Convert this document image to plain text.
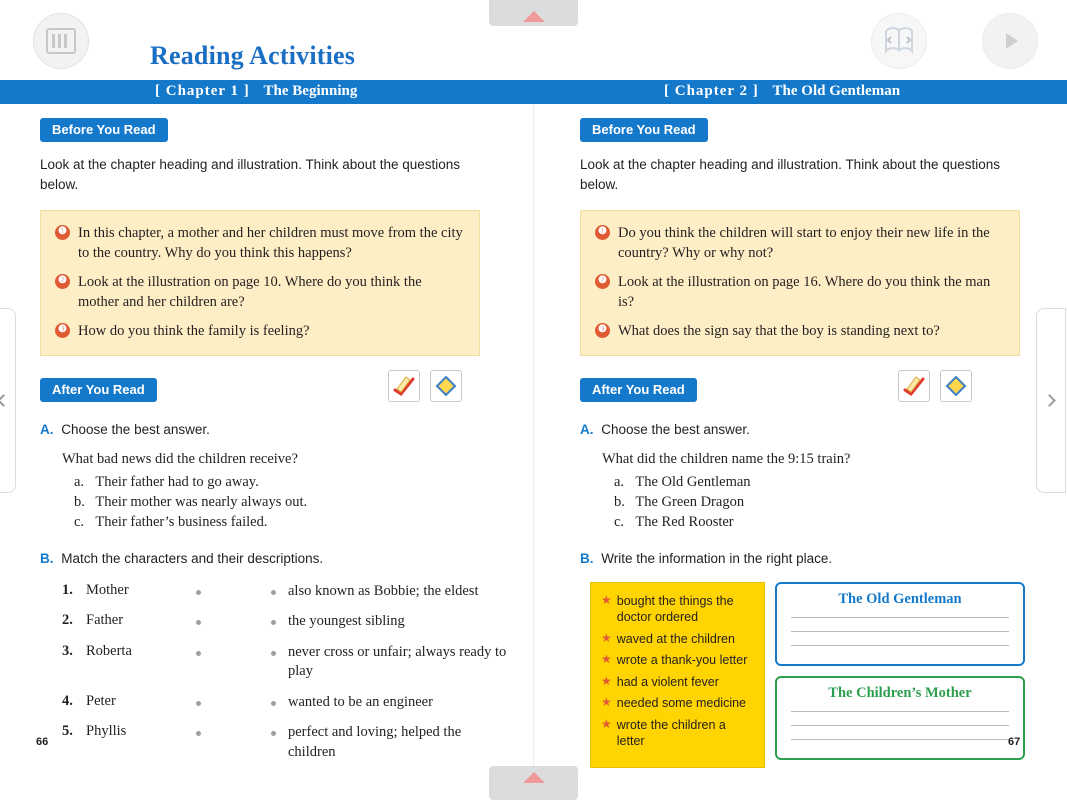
Reading Activities
[ Chapter 1 ] The Beginning	[ Chapter 2 ] The Old Gentleman
Before You Read
Look at the chapter heading and illustration. Think about the questions below.
❶ In this chapter, a mother and her children must move from the city to the country. Why do you think this happens?
❷ Look at the illustration on page 10. Where do you think the mother and her children are?
❸ How do you think the family is feeling?
After You Read
A. Choose the best answer.
What bad news did the children receive?
a. Their father had to go away.
b. Their mother was nearly always out.
c. Their father’s business failed.
B. Match the characters and their descriptions.
1. Mother	also known as Bobbie; the eldest
2. Father	the youngest sibling
3. Roberta	never cross or unfair; always ready to play
4. Peter	wanted to be an engineer
5. Phyllis	perfect and loving; helped the children
Before You Read
Look at the chapter heading and illustration. Think about the questions below.
❶ Do you think the children will start to enjoy their new life in the country? Why or why not?
❷ Look at the illustration on page 16. Where do you think the man is?
❸ What does the sign say that the boy is standing next to?
After You Read
A. Choose the best answer.
What did the children name the 9:15 train?
a. The Old Gentleman
b. The Green Dragon
c. The Red Rooster
B. Write the information in the right place.
★ bought the things the doctor ordered
★ waved at the children
★ wrote a thank-you letter
★ had a violent fever
★ needed some medicine
★ wrote the children a letter
The Old Gentleman
The Children’s Mother
66	67
